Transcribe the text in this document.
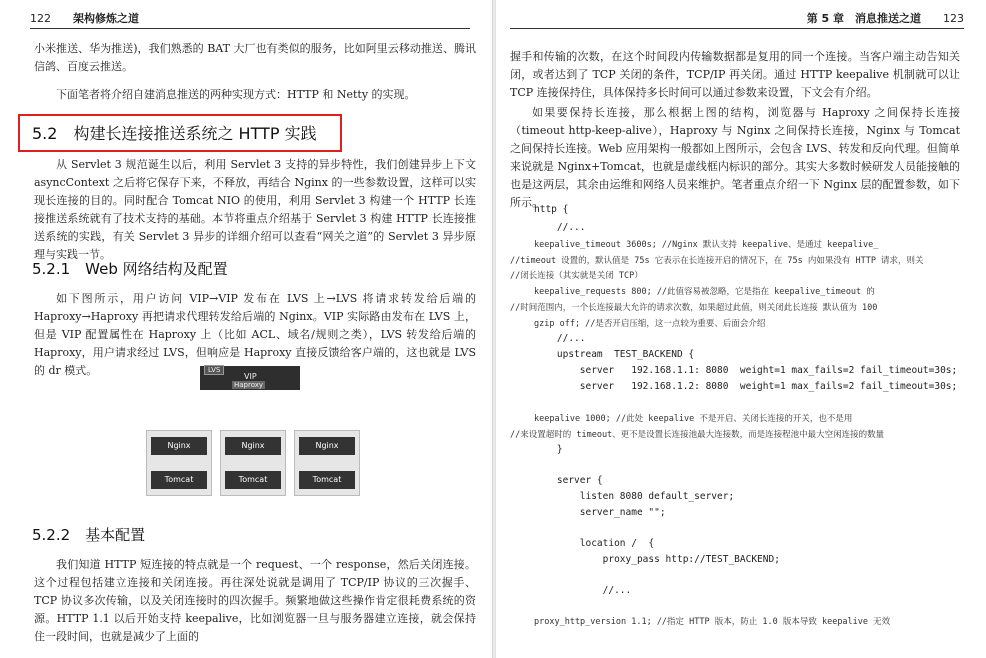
122 架构修炼之道

小米推送、华为推送)，我们熟悉的 BAT 大厂也有类似的服务，比如阿里云移动推送、腾讯信鸽、百度云推送。

下面笔者将介绍自建消息推送的两种实现方式：HTTP 和 Netty 的实现。

5.2　构建长连接推送系统之 HTTP 实践

从 Servlet 3 规范诞生以后，利用 Servlet 3 支持的异步特性，我们创建异步上下文 asyncContext 之后将它保存下来，不释放，再结合 Nginx 的一些参数设置，这样可以实现长连接的目的。同时配合 Tomcat NIO 的使用，利用 Servlet 3 构建一个 HTTP 长连接推送系统就有了技术支持的基础。本节将重点介绍基于 Servlet 3 构建 HTTP 长连接推送系统的实践，有关 Servlet 3 异步的详细介绍可以查看“网关之道”的 Servlet 3 异步原理与实践一节。

5.2.1　Web 网络结构及配置

如下图所示，用户访问 VIP→VIP 发布在 LVS 上→LVS 将请求转发给后端的 Haproxy→Haproxy 再把请求代理转发给后端的 Nginx。VIP 实际路由发布在 LVS 上，但是 VIP 配置属性在 Haproxy 上（比如 ACL、域名/规则之类），LVS 转发给后端的 Haproxy，用户请求经过 LVS，但响应是 Haproxy 直接反馈给客户端的，这也就是 LVS 的 dr 模式。	LVS
VIP
Haproxy
Nginx
Tomcat
Nginx
Tomcat
Nginx
Tomcat
5.2.2　基本配置

我们知道 HTTP 短连接的特点就是一个 request、一个 response，然后关闭连接。这个过程包括建立连接和关闭连接。再往深处说就是调用了 TCP/IP 协议的三次握手、TCP 协议多次传输，以及关闭连接时的四次握手。频繁地做这些操作肯定很耗费系统的资源。HTTP 1.1 以后开始支持 keepalive，比如浏览器一旦与服务器建立连接，就会保持住一段时间，也就是减少了上面的

第 5 章　消息推送之道 123

握手和传输的次数，在这个时间段内传输数据都是复用的同一个连接。当客户端主动告知关闭，或者达到了 TCP 关闭的条件，TCP/IP 再关闭。通过 HTTP keepalive 机制就可以让 TCP 连接保持住，具体保持多长时间可以通过参数来设置，下文会有介绍。

如果要保持长连接，那么根据上图的结构，浏览器与 Haproxy 之间保持长连接（timeout http-keep-alive），Haproxy 与 Nginx 之间保持长连接，Nginx 与 Tomcat 之间保持长连接。Web 应用架构一般都如上图所示，会包含 LVS、转发和反向代理。但简单来说就是 Nginx+Tomcat，也就是虚线框内标识的部分。其实大多数时候研发人员能接触的也是这两层，其余由运维和网络人员来维护。笔者重点介绍一下 Nginx 层的配置参数，如下所示。

http {
//...
keepalive_timeout 3600s; //Nginx 默认支持 keepalive、是通过 keepalive_
//timeout 设置的，默认值是 75s 它表示在长连接开启的情况下，在 75s 内如果没有 HTTP 请求，则关
//闭长连接（其实就是关闭 TCP）
keepalive_requests 800; //此值容易被忽略，它是指在 keepalive_timeout 的
//时间范围内，一个长连接最大允许的请求次数，如果超过此值，则关闭此长连接 默认值为 100
gzip off; //是否开启压缩，这一点较为重要、后面会介绍
//...
upstream  TEST_BACKEND {
server   192.168.1.1: 8080  weight=1 max_fails=2 fail_timeout=30s;
server   192.168.1.2: 8080  weight=1 max_fails=2 fail_timeout=30s;
keepalive 1000; //此处 keepalive 不是开启、关闭长连接的开关，也不是用
//来设置超时的 timeout、更不是设置长连接池最大连接数，而是连接程池中最大空闲连接的数量
}
server {
listen 8080 default_server;
server_name "";
location /  {
proxy_pass http://TEST_BACKEND;
//...
proxy_http_version 1.1; //指定 HTTP 版本，防止 1.0 版本导致 keepalive 无效
